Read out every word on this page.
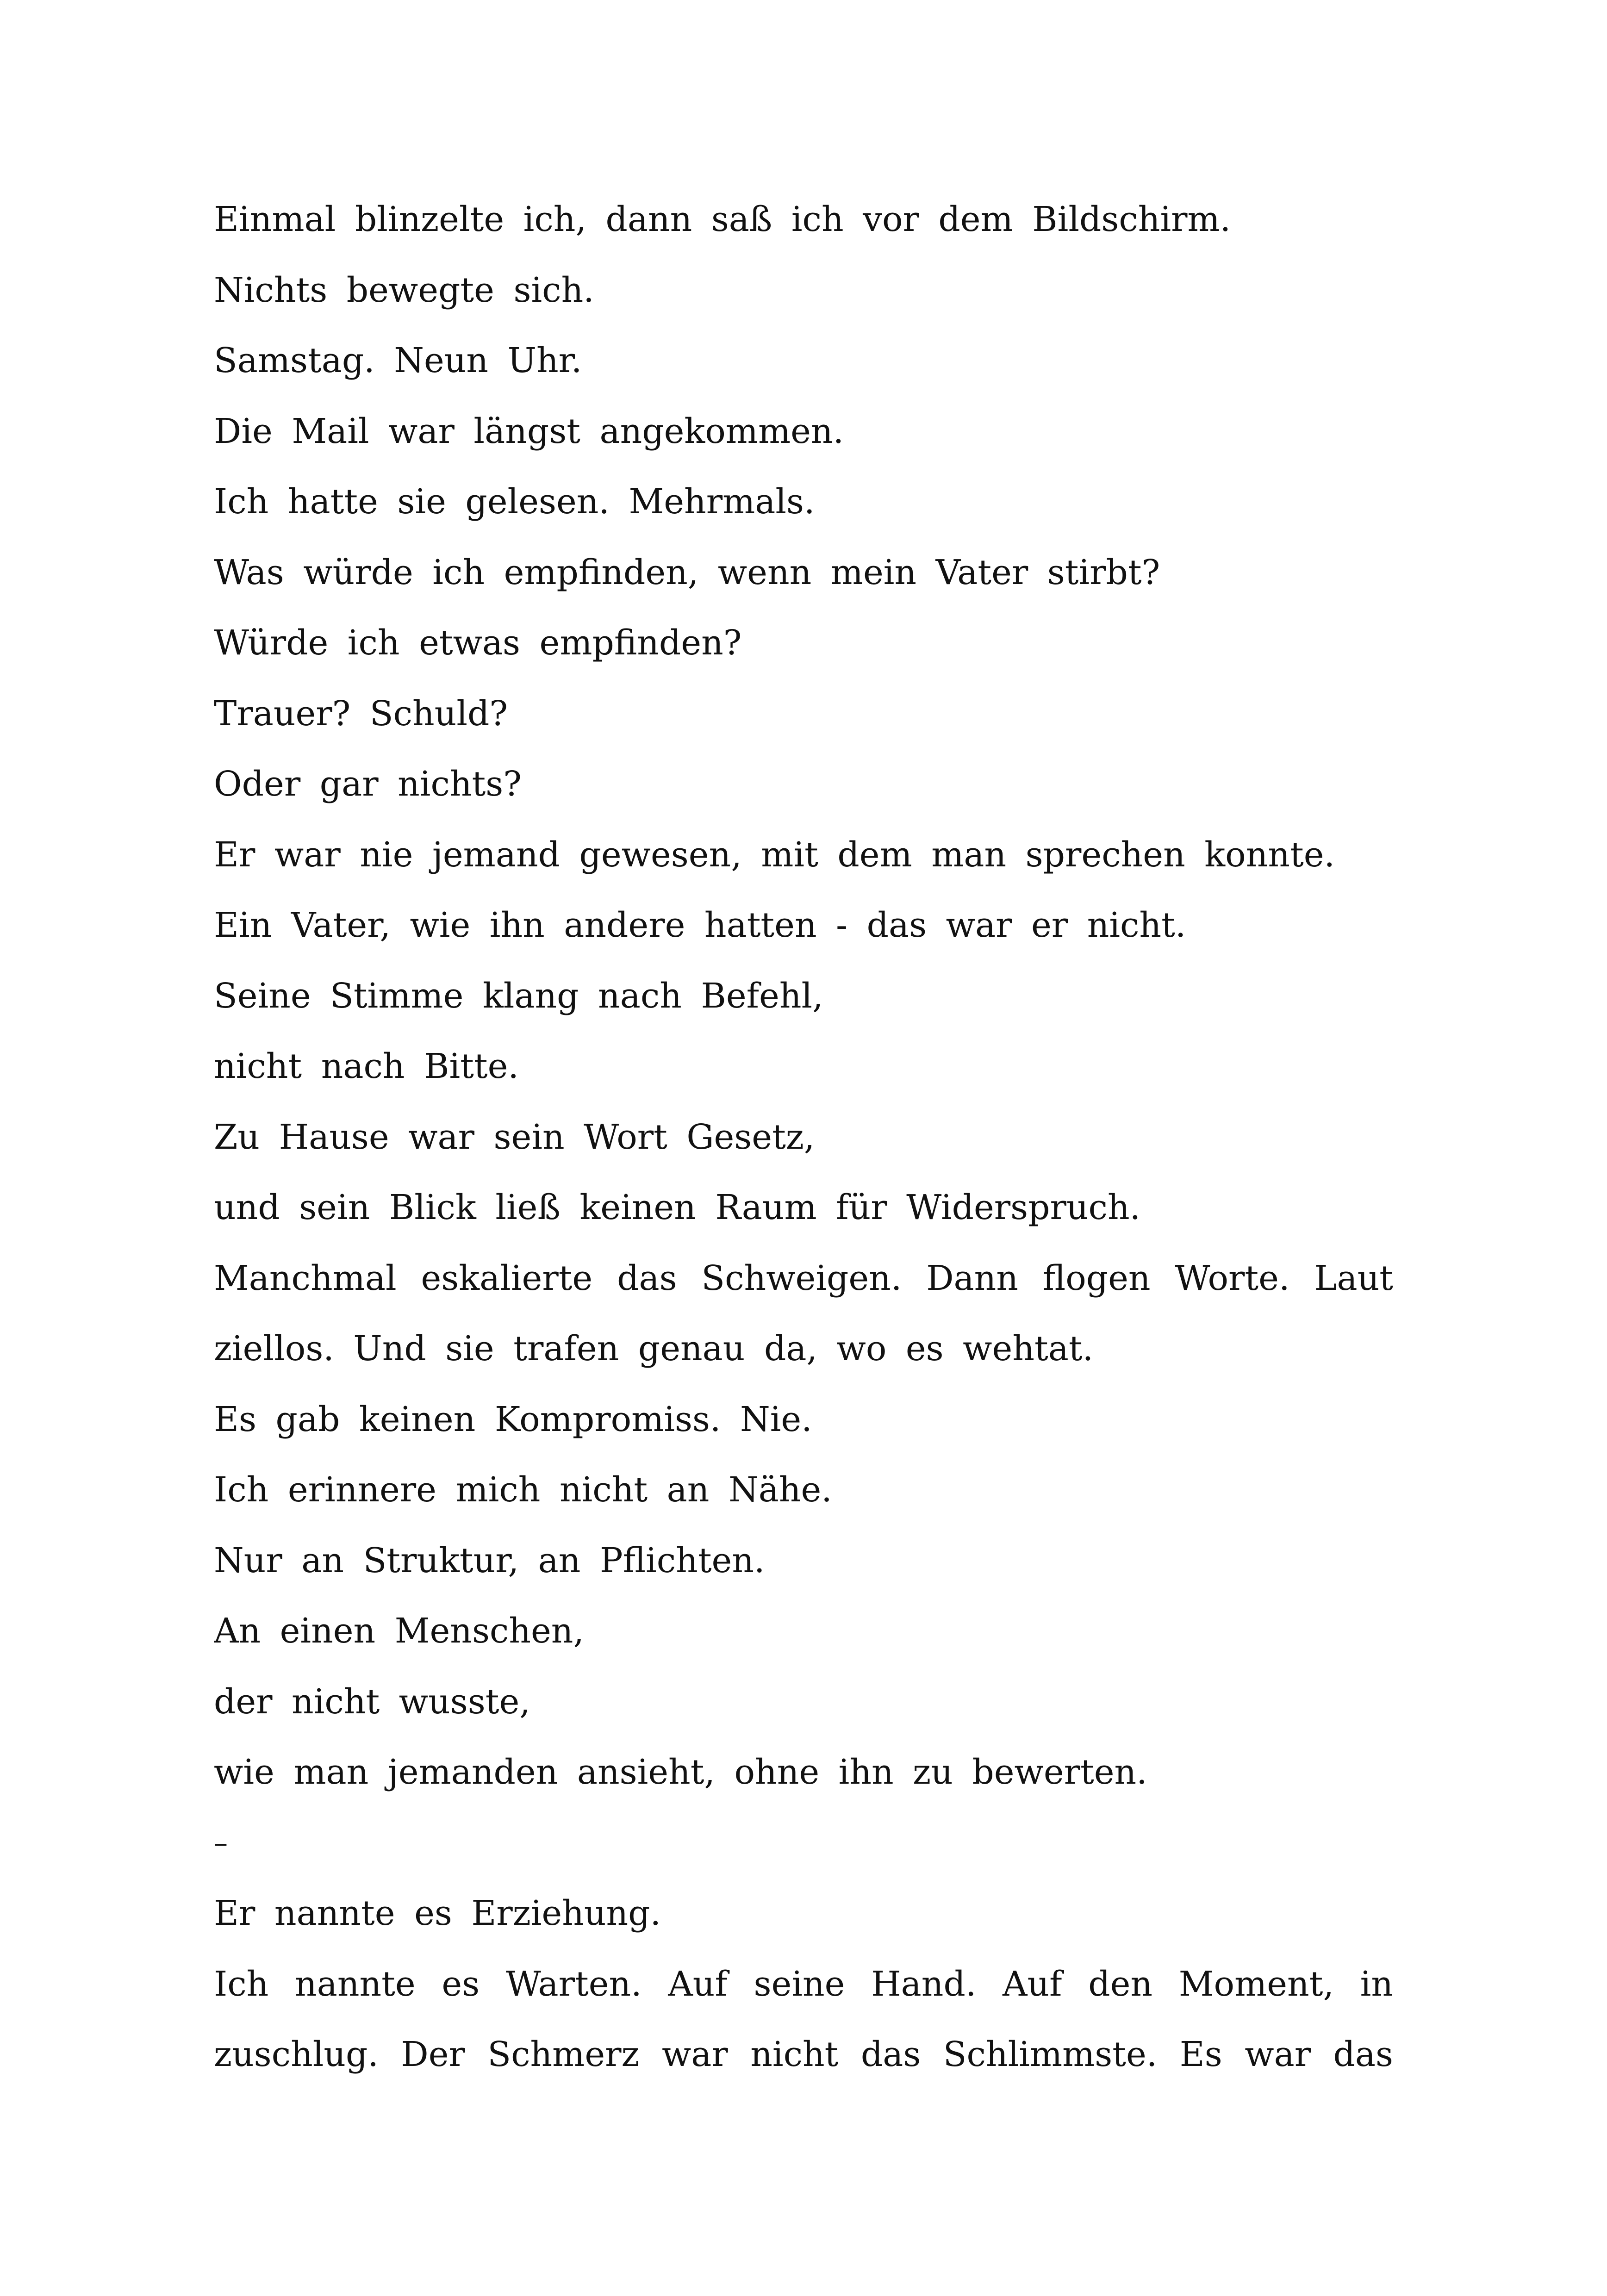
Einmal blinzelte ich, dann saß ich vor dem Bildschirm.
Nichts bewegte sich.
Samstag. Neun Uhr.
Die Mail war längst angekommen.
Ich hatte sie gelesen. Mehrmals.
Was würde ich empfinden, wenn mein Vater stirbt?
Würde ich etwas empfinden?
Trauer? Schuld?
Oder gar nichts?
Er war nie jemand gewesen, mit dem man sprechen konnte.
Ein Vater, wie ihn andere hatten - das war er nicht.
Seine Stimme klang nach Befehl,
nicht nach Bitte.
Zu Hause war sein Wort Gesetz,
und sein Blick ließ keinen Raum für Widerspruch.
Manchmal eskalierte das Schweigen. Dann flogen Worte. Laut
ziellos. Und sie trafen genau da, wo es wehtat.
Es gab keinen Kompromiss. Nie.
Ich erinnere mich nicht an Nähe.
Nur an Struktur, an Pflichten.
An einen Menschen,
der nicht wusste,
wie man jemanden ansieht, ohne ihn zu bewerten.
–
Er nannte es Erziehung.
Ich nannte es Warten. Auf seine Hand. Auf den Moment, in
zuschlug. Der Schmerz war nicht das Schlimmste. Es war das
